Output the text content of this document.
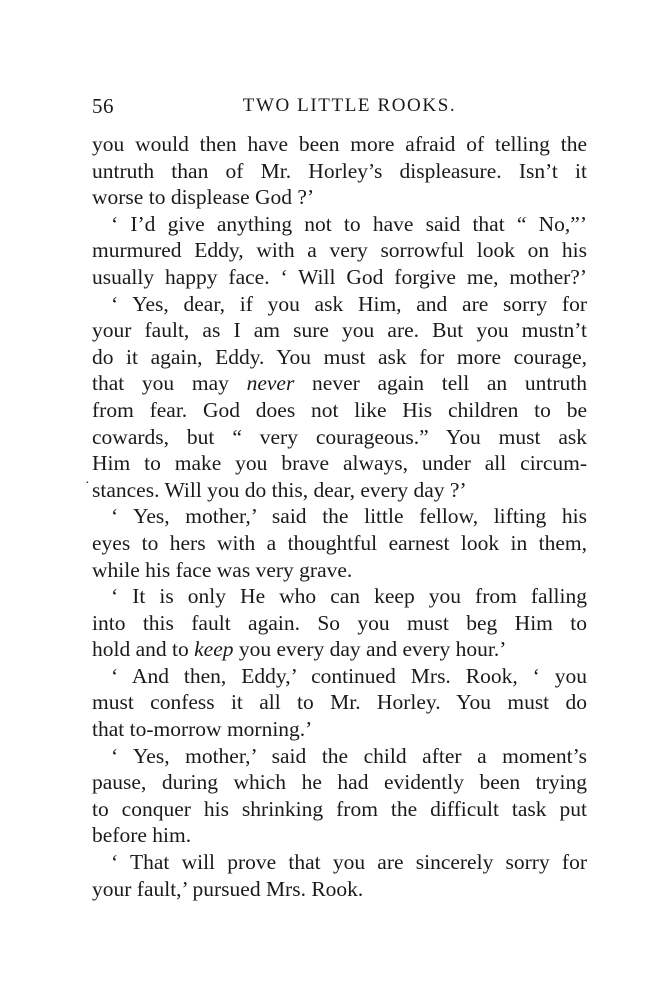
56	TWO LITTLE ROOKS.
·
you would then have been more afraid of telling the
untruth than of Mr. Horley’s displeasure. Isn’t it
worse to displease God ?’
‘ I’d give anything not to have said that “ No,”’
murmured Eddy, with a very sorrowful look on his
usually happy face. ‘ Will God forgive me, mother?’
‘ Yes, dear, if you ask Him, and are sorry for
your fault, as I am sure you are. But you mustn’t
do it again, Eddy. You must ask for more courage,
that you may never never again tell an untruth
from fear. God does not like His children to be
cowards, but “ very courageous.” You must ask
Him to make you brave always, under all circum-
stances. Will you do this, dear, every day ?’
‘ Yes, mother,’ said the little fellow, lifting his
eyes to hers with a thoughtful earnest look in them,
while his face was very grave.
‘ It is only He who can keep you from falling
into this fault again. So you must beg Him to
hold and to keep you every day and every hour.’
‘ And then, Eddy,’ continued Mrs. Rook, ‘ you
must confess it all to Mr. Horley. You must do
that to-morrow morning.’
‘ Yes, mother,’ said the child after a moment’s
pause, during which he had evidently been trying
to conquer his shrinking from the difficult task put
before him.
‘ That will prove that you are sincerely sorry for
your fault,’ pursued Mrs. Rook.
